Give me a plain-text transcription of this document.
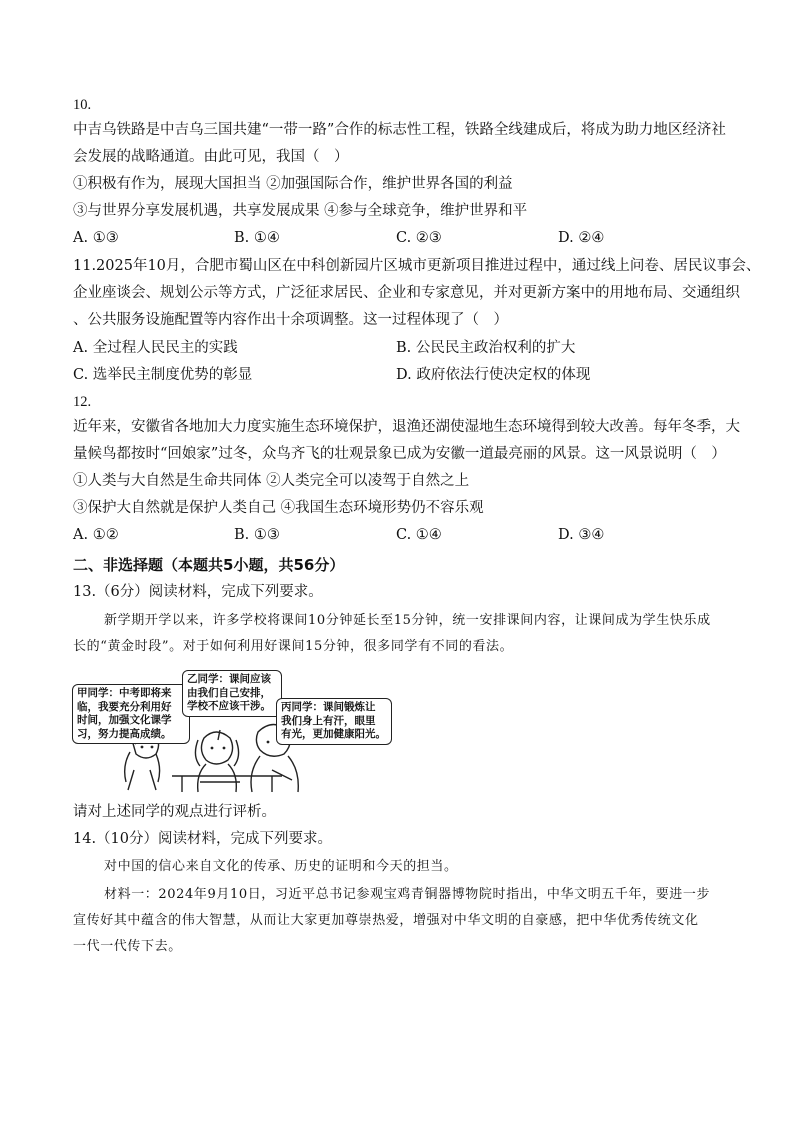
10.
中吉乌铁路是中吉乌三国共建“一带一路”合作的标志性工程，铁路全线建成后，将成为助力地区经济社
会发展的战略通道。由此可见，我国（　）
①积极有作为，展现大国担当 ②加强国际合作，维护世界各国的利益
③与世界分享发展机遇，共享发展成果 ④参与全球竞争，维护世界和平
A. ①③	B. ①④	C. ②③	D. ②④
11.2025年10月，合肥市蜀山区在中科创新园片区城市更新项目推进过程中，通过线上问卷、居民议事会、
企业座谈会、规划公示等方式，广泛征求居民、企业和专家意见，并对更新方案中的用地布局、交通组织
、公共服务设施配置等内容作出十余项调整。这一过程体现了（　）
A. 全过程人民民主的实践	B. 公民民主政治权利的扩大
C. 选举民主制度优势的彰显	D. 政府依法行使决定权的体现
12.
近年来，安徽省各地加大力度实施生态环境保护，退渔还湖使湿地生态环境得到较大改善。每年冬季，大
量候鸟都按时“回娘家”过冬，众鸟齐飞的壮观景象已成为安徽一道最亮丽的风景。这一风景说明（　）
①人类与大自然是生命共同体 ②人类完全可以凌驾于自然之上
③保护大自然就是保护人类自己 ④我国生态环境形势仍不容乐观
A. ①②	B. ①③	C. ①④	D. ③④
二、非选择题（本题共5小题，共56分）
13.（6分）阅读材料，完成下列要求。
新学期开学以来，许多学校将课间10分钟延长至15分钟，统一安排课间内容，让课间成为学生快乐成
长的“黄金时段”。对于如何利用好课间15分钟，很多同学有不同的看法。
甲同学：中考即将来
临，我要充分利用好
时间，加强文化课学
习，努力提高成绩。
乙同学：课间应该
由我们自己安排，
学校不应该干涉。 丙同学：课间锻炼让
我们身上有汗，眼里
有光，更加健康阳光。
请对上述同学的观点进行评析。
14.（10分）阅读材料，完成下列要求。
对中国的信心来自文化的传承、历史的证明和今天的担当。
材料一：2024年9月10日，习近平总书记参观宝鸡青铜器博物院时指出，中华文明五千年，要进一步
宣传好其中蕴含的伟大智慧，从而让大家更加尊崇热爱，增强对中华文明的自豪感，把中华优秀传统文化
一代一代传下去。
